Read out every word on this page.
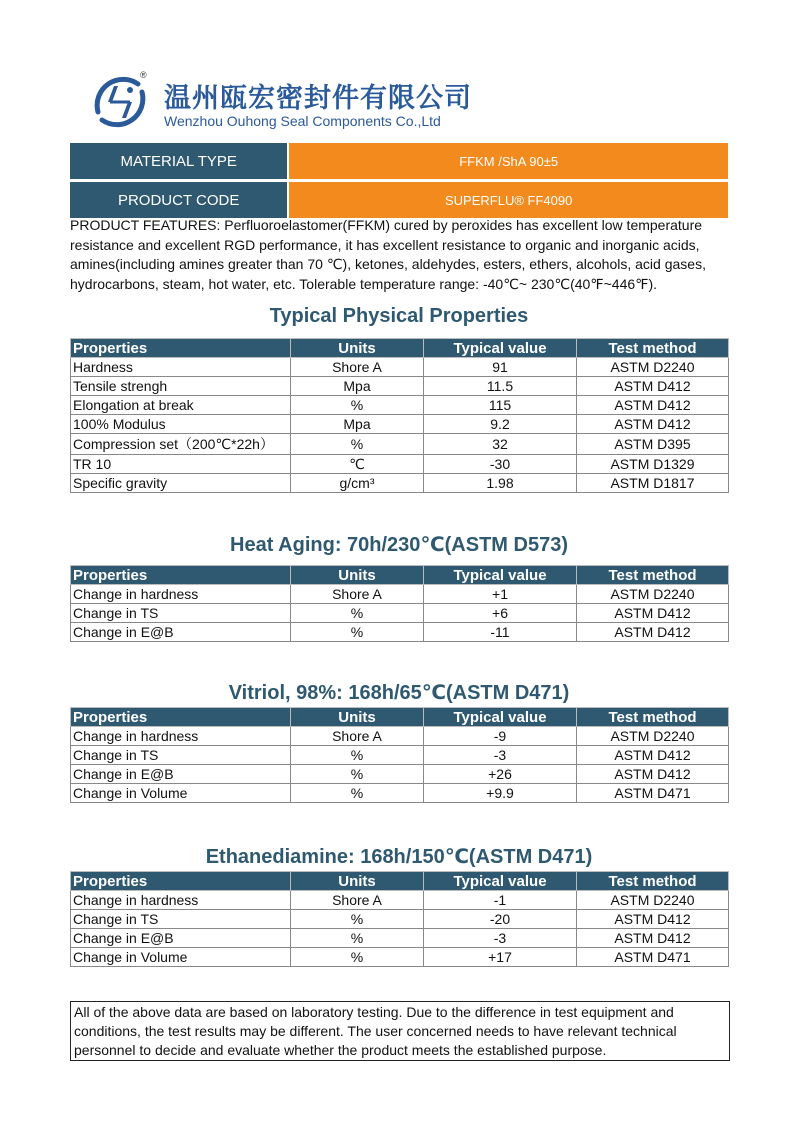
®
温州瓯宏密封件有限公司
Wenzhou Ouhong Seal Components Co.,Ltd
MATERIAL TYPE	FFKM /ShA 90±5
PRODUCT CODE	SUPERFLU® FF4090
PRODUCT FEATURES: Perfluoroelastomer(FFKM) cured by peroxides has excellent low temperature resistance and excellent RGD performance, it has excellent resistance to organic and inorganic acids, amines(including amines greater than 70 ℃), ketones, aldehydes, esters, ethers, alcohols, acid gases, hydrocarbons, steam, hot water, etc. Tolerable temperature range: -40℃~ 230℃(40℉~446℉).
Typical Physical Properties
Properties	Units	Typical value	Test method
Hardness	Shore A	91	ASTM D2240
Tensile strengh	Mpa	11.5	ASTM D412
Elongation at break	%	115	ASTM D412
100% Modulus	Mpa	9.2	ASTM D412
Compression set（200℃*22h）	%	32	ASTM D395
TR 10	℃	-30	ASTM D1329
Specific gravity	g/cm³	1.98	ASTM D1817
Heat Aging: 70h/230℃(ASTM D573)
Properties	Units	Typical value	Test method
Change in hardness	Shore A	+1	ASTM D2240
Change in TS	%	+6	ASTM D412
Change in E@B	%	-11	ASTM D412
Vitriol, 98%: 168h/65℃(ASTM D471)
Properties	Units	Typical value	Test method
Change in hardness	Shore A	-9	ASTM D2240
Change in TS	%	-3	ASTM D412
Change in E@B	%	+26	ASTM D412
Change in Volume	%	+9.9	ASTM D471
Ethanediamine: 168h/150℃(ASTM D471)
Properties	Units	Typical value	Test method
Change in hardness	Shore A	-1	ASTM D2240
Change in TS	%	-20	ASTM D412
Change in E@B	%	-3	ASTM D412
Change in Volume	%	+17	ASTM D471
All of the above data are based on laboratory testing. Due to the difference in test equipment and conditions, the test results may be different. The user concerned needs to have relevant technical personnel to decide and evaluate whether the product meets the established purpose.
